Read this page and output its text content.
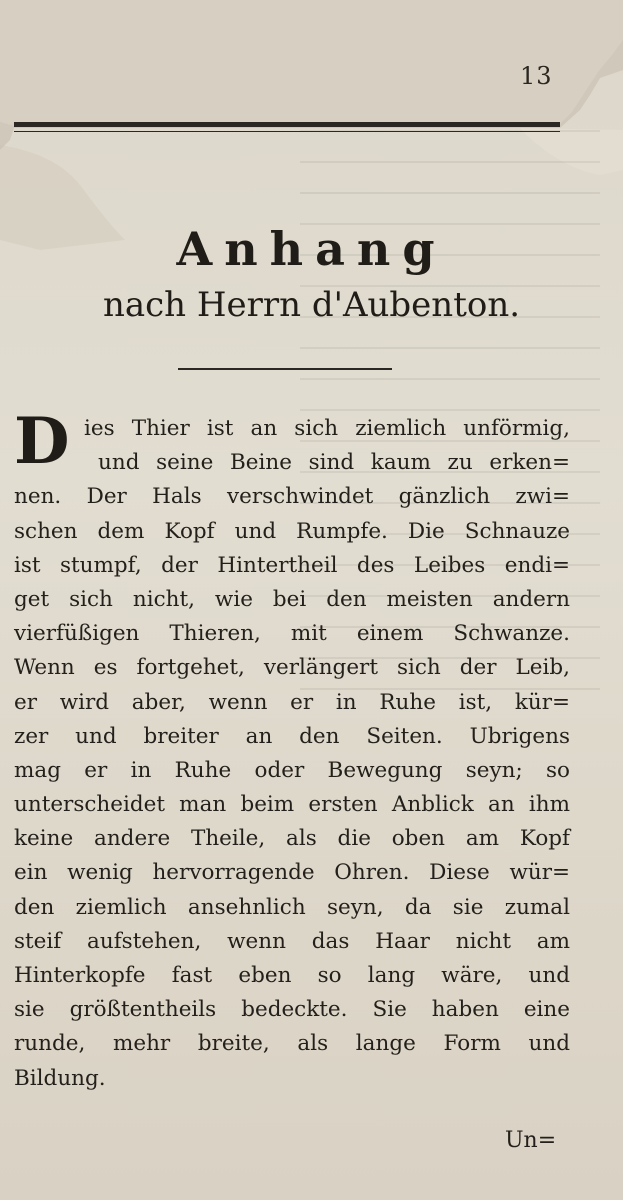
13
Anhang
nach Herrn d'Aubenton.
D ies Thier ist an sich ziemlich unförmig,
und seine Beine sind kaum zu erken=
nen. Der Hals verschwindet gänzlich zwi=
schen dem Kopf und Rumpfe. Die Schnauze
ist stumpf, der Hintertheil des Leibes endi=
get sich nicht, wie bei den meisten andern
vierfüßigen Thieren, mit einem Schwanze.
Wenn es fortgehet, verlängert sich der Leib,
er wird aber, wenn er in Ruhe ist, kür=
zer und breiter an den Seiten. Ubrigens
mag er in Ruhe oder Bewegung seyn; so
unterscheidet man beim ersten Anblick an ihm
keine andere Theile, als die oben am Kopf
ein wenig hervorragende Ohren. Diese wür=
den ziemlich ansehnlich seyn, da sie zumal
steif aufstehen, wenn das Haar nicht am
Hinterkopfe fast eben so lang wäre, und
sie größtentheils bedeckte. Sie haben eine
runde, mehr breite, als lange Form und
Bildung.
Un=
